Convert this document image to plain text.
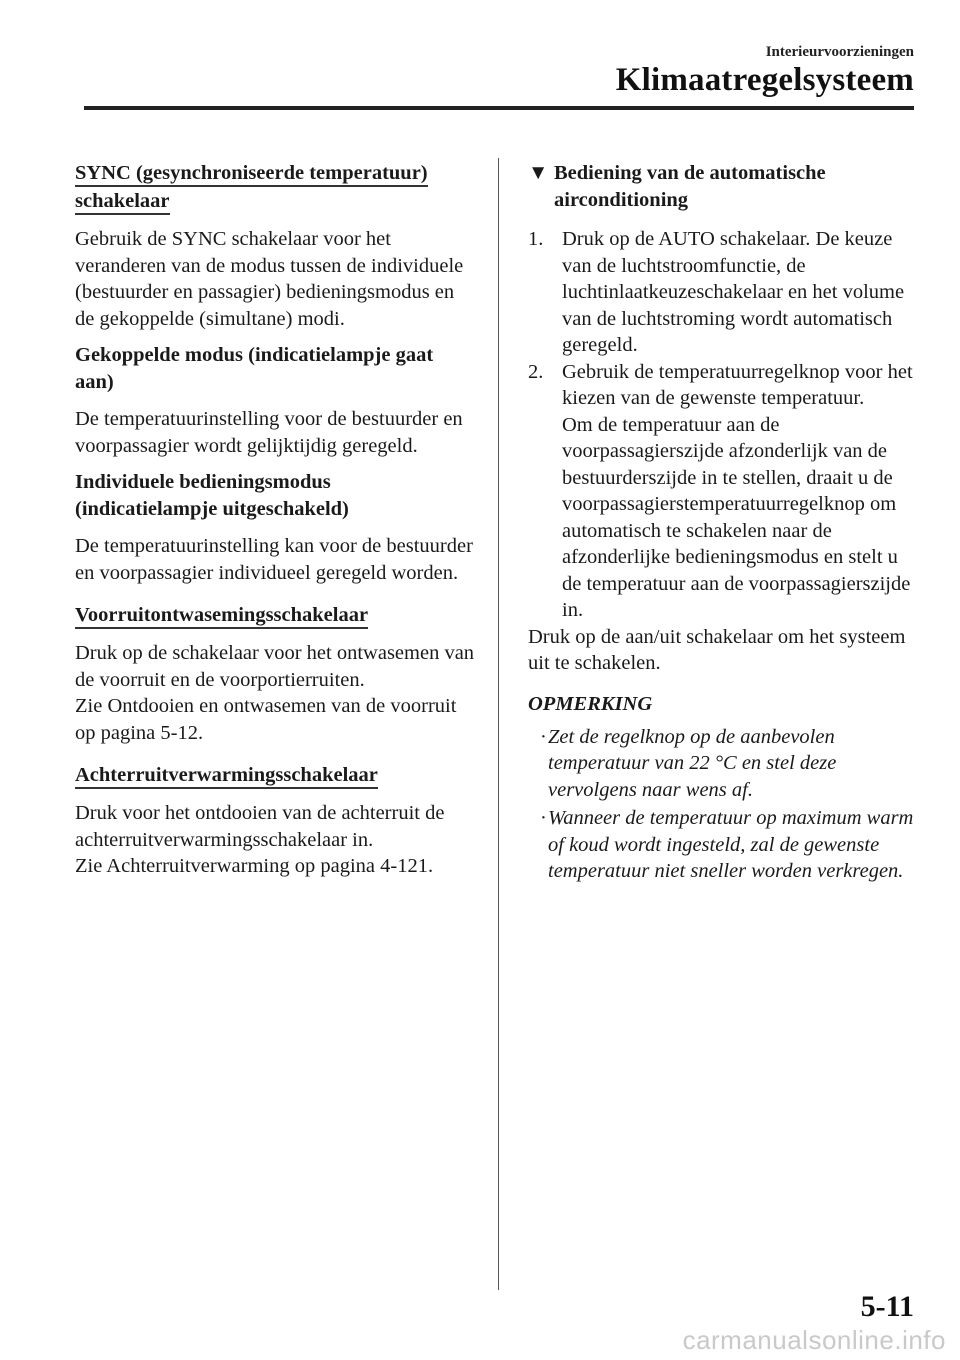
Interieurvoorzieningen
Klimaatregelsysteem
SYNC (gesynchroniseerde temperatuur) schakelaar

Gebruik de SYNC schakelaar voor het veranderen van de modus tussen de individuele (bestuurder en passagier) bedieningsmodus en de gekoppelde (simultane) modi.

Gekoppelde modus (indicatielampje gaat aan)

De temperatuurinstelling voor de bestuurder en voorpassagier wordt gelijktijdig geregeld.

Individuele bedieningsmodus (indicatielampje uitgeschakeld)

De temperatuurinstelling kan voor de bestuurder en voorpassagier individueel geregeld worden.

Voorruitontwasemingsschakelaar

Druk op de schakelaar voor het ontwasemen van de voorruit en de voorportierruiten.

Zie Ontdooien en ontwasemen van de voorruit op pagina 5-12.

Achterruitverwarmingsschakelaar

Druk voor het ontdooien van de achterruit de achterruitverwarmingsschakelaar in.

Zie Achterruitverwarming op pagina 4-121.

▼ Bediening van de automatische airconditioning
1. Druk op de AUTO schakelaar. De keuze van de luchtstroomfunctie, de luchtinlaatkeuzeschakelaar en het volume van de luchtstroming wordt automatisch geregeld.
2. Gebruik de temperatuurregelknop voor het kiezen van de gewenste temperatuur.
Om de temperatuur aan de voorpassagierszijde afzonderlijk van de bestuurderszijde in te stellen, draait u de voorpassagierstemperatuurregelknop om automatisch te schakelen naar de afzonderlijke bedieningsmodus en stelt u de temperatuur aan de voorpassagierszijde in.

Druk op de aan/uit schakelaar om het systeem uit te schakelen.

OPMERKING
· Zet de regelknop op de aanbevolen temperatuur van 22 °C en stel deze vervolgens naar wens af.
· Wanneer de temperatuur op maximum warm of koud wordt ingesteld, zal de gewenste temperatuur niet sneller worden verkregen.
5-11
carmanualsonline.info
